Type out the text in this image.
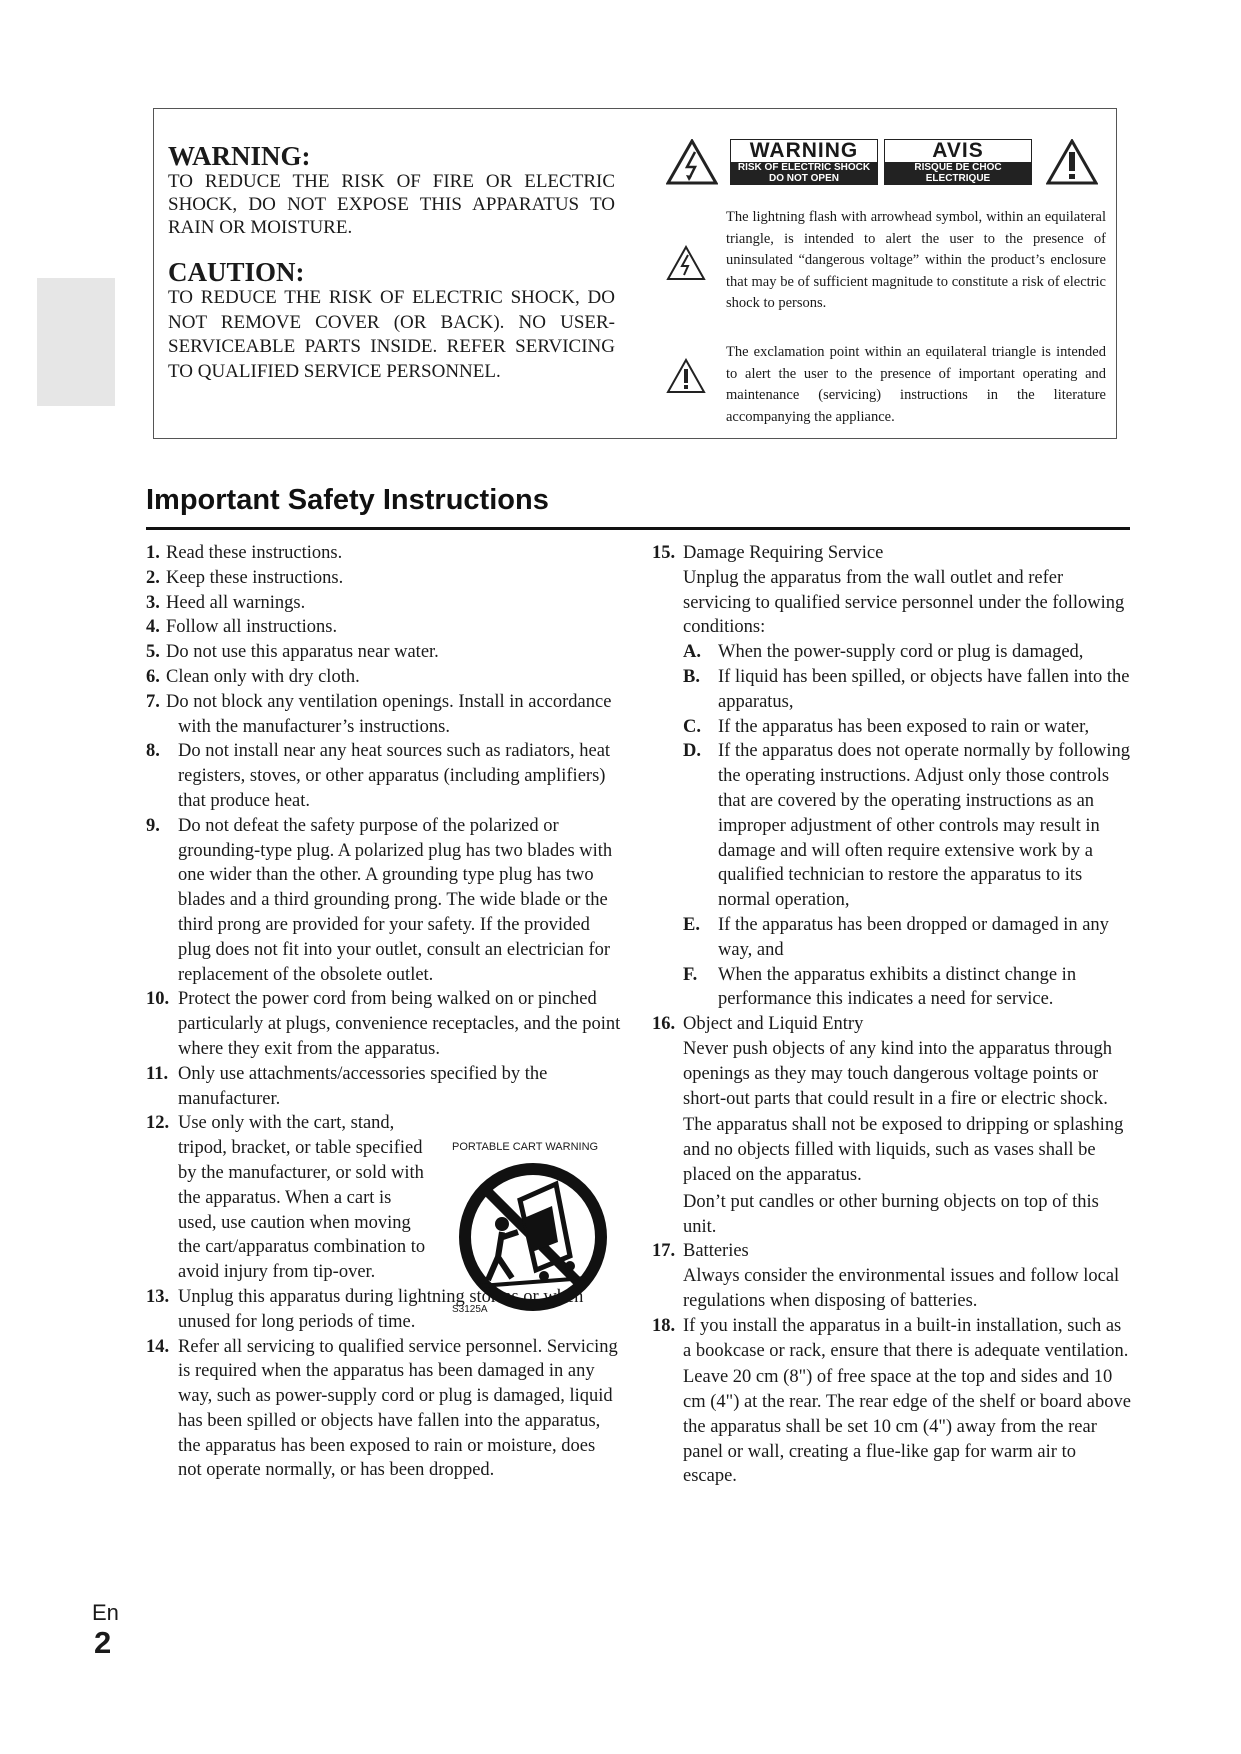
WARNING:

TO REDUCE THE RISK OF FIRE OR ELECTRIC SHOCK, DO NOT EXPOSE THIS APPARATUS TO RAIN OR MOISTURE.

CAUTION:

TO REDUCE THE RISK OF ELECTRIC SHOCK, DO NOT REMOVE COVER (OR BACK). NO USER-SERVICEABLE PARTS INSIDE. REFER SERVICING TO QUALIFIED SERVICE PERSONNEL.

WARNING
RISK OF ELECTRIC SHOCK
DO NOT OPEN
AVIS
RISQUE DE CHOC ELECTRIQUE
NE PAS OUVRIR

The lightning flash with arrowhead symbol, within an equilateral triangle, is intended to alert the user to the presence of uninsulated “dangerous voltage” within the product’s enclosure that may be of sufficient magnitude to constitute a risk of electric shock to persons.

The exclamation point within an equilateral triangle is intended to alert the user to the presence of important operating and maintenance (servicing) instructions in the literature accompanying the appliance.

Important Safety Instructions
1. Read these instructions.
2. Keep these instructions.
3. Heed all warnings.
4. Follow all instructions.
5. Do not use this apparatus near water.
6. Clean only with dry cloth.
7. Do not block any ventilation openings. Install in accordance with the manufacturer’s instructions.
8. Do not install near any heat sources such as radiators, heat registers, stoves, or other apparatus (including amplifiers) that produce heat.
9. Do not defeat the safety purpose of the polarized or grounding-type plug. A polarized plug has two blades with one wider than the other. A grounding type plug has two blades and a third grounding prong. The wide blade or the third prong are provided for your safety. If the provided plug does not fit into your outlet, consult an electrician for replacement of the obsolete outlet.
10. Protect the power cord from being walked on or pinched particularly at plugs, convenience receptacles, and the point where they exit from the apparatus.
11. Only use attachments/accessories specified by the manufacturer.
12. Use only with the cart, stand, tripod, bracket, or table specified by the manufacturer, or sold with the apparatus. When a cart is used, use caution when moving the cart/apparatus combination to avoid injury from tip-over.
13. Unplug this apparatus during lightning storms or when unused for long periods of time.
14. Refer all servicing to qualified service personnel. Servicing is required when the apparatus has been damaged in any way, such as power-supply cord or plug is damaged, liquid has been spilled or objects have fallen into the apparatus, the apparatus has been exposed to rain or moisture, does not operate normally, or has been dropped.
PORTABLE CART WARNING
S3125A
15. Damage Requiring Service

Unplug the apparatus from the wall outlet and refer servicing to qualified service personnel under the following conditions:

A. When the power-supply cord or plug is damaged,
B. If liquid has been spilled, or objects have fallen into the apparatus,
C. If the apparatus has been exposed to rain or water,
D. If the apparatus does not operate normally by following the operating instructions. Adjust only those controls that are covered by the operating instructions as an improper adjustment of other controls may result in damage and will often require extensive work by a qualified technician to restore the apparatus to its normal operation,
E. If the apparatus has been dropped or damaged in any way, and
F. When the apparatus exhibits a distinct change in performance this indicates a need for service.
16. Object and Liquid Entry

Never push objects of any kind into the apparatus through openings as they may touch dangerous voltage points or short-out parts that could result in a fire or electric shock.

The apparatus shall not be exposed to dripping or splashing and no objects filled with liquids, such as vases shall be placed on the apparatus.

Don’t put candles or other burning objects on top of this unit.

17. Batteries

Always consider the environmental issues and follow local regulations when disposing of batteries.

18. If you install the apparatus in a built-in installation, such as a bookcase or rack, ensure that there is adequate ventilation.

Leave 20 cm (8") of free space at the top and sides and 10 cm (4") at the rear. The rear edge of the shelf or board above the apparatus shall be set 10 cm (4") away from the rear panel or wall, creating a flue-like gap for warm air to escape.

En
2
